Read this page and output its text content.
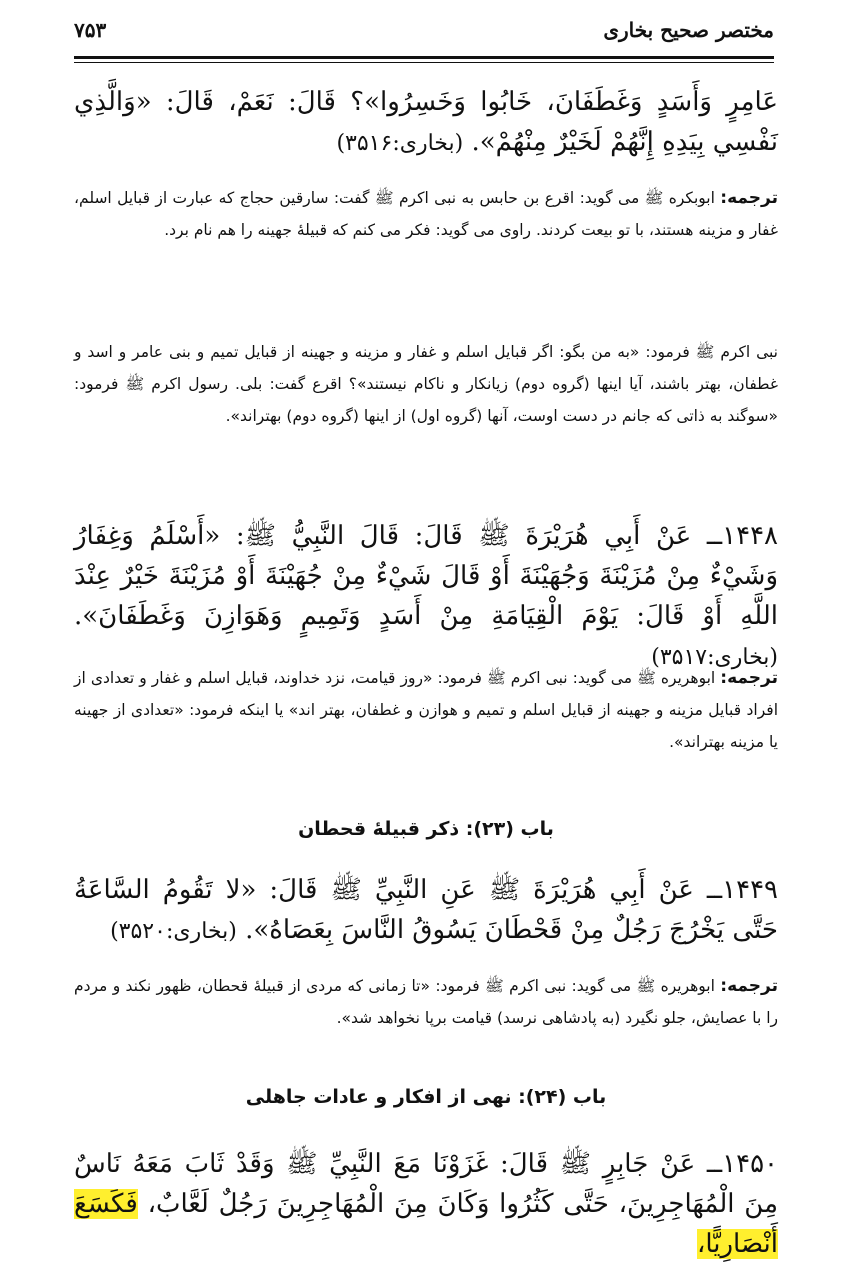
مختصر صحیح بخاری
۷۵۳
عَامِرٍ وَأَسَدٍ وَغَطَفَانَ، خَابُوا وَخَسِرُوا»؟ قَالَ: نَعَمْ، قَالَ: «وَالَّذِي نَفْسِي بِيَدِهِ إِنَّهُمْ لَخَيْرٌ مِنْهُمْ». (بخاری:۳۵۱۶)
ترجمه: ابوبکره ﷺ می گوید: اقرع بن حابس به نبی اکرم ﷺ گفت: سارقین حجاج که عبارت از قبایل اسلم، غفار و مزینه هستند، با تو بیعت کردند. راوی می گوید: فکر می کنم که قبیلۀ جهینه را هم نام برد.
نبی اکرم ﷺ فرمود: «به من بگو: اگر قبایل اسلم و غفار و مزینه و جهینه از قبایل تمیم و بنی عامر و اسد و غطفان، بهتر باشند، آیا اینها (گروه دوم) زیانکار و ناکام نیستند»؟ اقرع گفت: بلی. رسول اکرم ﷺ فرمود: «سوگند به ذاتی که جانم در دست اوست، آنها (گروه اول) از اینها (گروه دوم) بهتراند».
۱۴۴۸ــ عَنْ أَبِي هُرَيْرَةَ ﷺ قَالَ: قَالَ النَّبِيُّ ﷺ: «أَسْلَمُ وَغِفَارُ وَشَيْءٌ مِنْ مُزَيْنَةَ وَجُهَيْنَةَ أَوْ قَالَ شَيْءٌ مِنْ جُهَيْنَةَ أَوْ مُزَيْنَةَ خَيْرٌ عِنْدَ اللَّهِ أَوْ قَالَ: يَوْمَ الْقِيَامَةِ مِنْ أَسَدٍ وَتَمِيمٍ وَهَوَازِنَ وَغَطَفَانَ». (بخاری:۳۵۱۷)
ترجمه: ابوهریره ﷺ می گوید: نبی اکرم ﷺ فرمود: «روز قیامت، نزد خداوند، قبایل اسلم و غفار و تعدادی از افراد قبایل مزینه و جهینه از قبایل اسلم و تمیم و هوازن و غطفان، بهتر اند» یا اینکه فرمود: «تعدادی از جهینه یا مزینه بهتراند».
باب (۲۳): ذکر قبیلۀ قحطان
۱۴۴۹ــ عَنْ أَبِي هُرَيْرَةَ ﷺ عَنِ النَّبِيِّ ﷺ قَالَ: «لا تَقُومُ السَّاعَةُ حَتَّى يَخْرُجَ رَجُلٌ مِنْ قَحْطَانَ يَسُوقُ النَّاسَ بِعَصَاهُ». (بخاری:۳۵۲۰)
ترجمه: ابوهریره ﷺ می گوید: نبی اکرم ﷺ فرمود: «تا زمانی که مردی از قبیلۀ قحطان، ظهور نکند و مردم را با عصایش، جلو نگیرد (به پادشاهی نرسد) قیامت برپا نخواهد شد».
باب (۲۴): نهی از افکار و عادات جاهلی
۱۴۵۰ــ عَنْ جَابِرٍ ﷺ قَالَ: غَزَوْنَا مَعَ النَّبِيِّ ﷺ وَقَدْ ثَابَ مَعَهُ نَاسٌ مِنَ الْمُهَاجِرِينَ، حَتَّى كَثُرُوا وَكَانَ مِنَ الْمُهَاجِرِينَ رَجُلٌ لَعَّابٌ، فَكَسَعَ أَنْصَارِيًّا،
